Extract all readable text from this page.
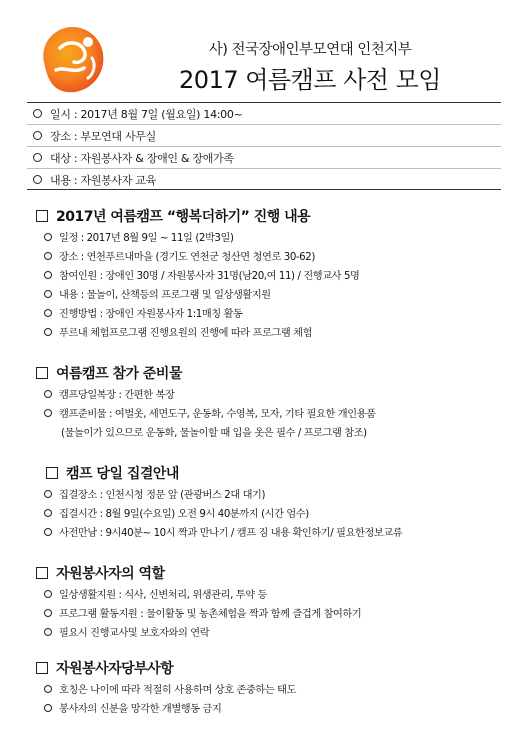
사) 전국장애인부모연대 인천지부
2017 여름캠프 사전 모임
일시 : 2017년 8월 7일 (월요일) 14:00~
장소 : 부모연대 사무실
대상 : 자원봉사자 & 장애인 & 장애가족
내용 : 자원봉사자 교육
2017년 여름캠프 “행복더하기” 진행 내용
일정 : 2017년 8월 9일 ~ 11일 (2박3일)
장소 : 연천푸르내마을 (경기도 연천군 청산면 청연로 30-62)
참여인원 : 장애인 30명 / 자원봉사자 31명(남20,여 11) / 진행교사 5명
내용 : 물놀이, 산책등의 프로그램 및 일상생활지원
진행방법 : 장애인 자원봉사자 1:1매칭 활동
푸르내 체험프로그램 진행요원의 진행에 따라 프로그램 체험
여름캠프 참가 준비물
캠프당일복장 : 간편한 복장
캠프준비물 : 여벌옷, 세면도구, 운동화, 수영복, 모자, 기타 필요한 개인용품
(물놀이가 있으므로 운동화, 물놀이할 때 입을 옷은 필수 / 프로그램 참조)
캠프 당일 집결안내
집결장소 : 인천시청 정문 앞 (관광버스 2대 대기)
집결시간 : 8월 9일(수요일) 오전 9시 40분까지 (시간 엄수)
사전만남 : 9시40분~ 10시 짝과 만나기 / 캠프 짐 내용 확인하기/ 필요한정보교류
자원봉사자의 역할
일상생활지원 : 식사, 신변처리, 위생관리, 투약 등
프로그램 활동지원 : 물이활동 및 농촌체험을 짝과 함께 즐겁게 참여하기
필요시 진행교사및 보호자와의 연락
자원봉사자당부사항
호칭은 나이에 따라 적절히 사용하며 상호 존중하는 태도
봉사자의 신분을 망각한 개별행동 금지
